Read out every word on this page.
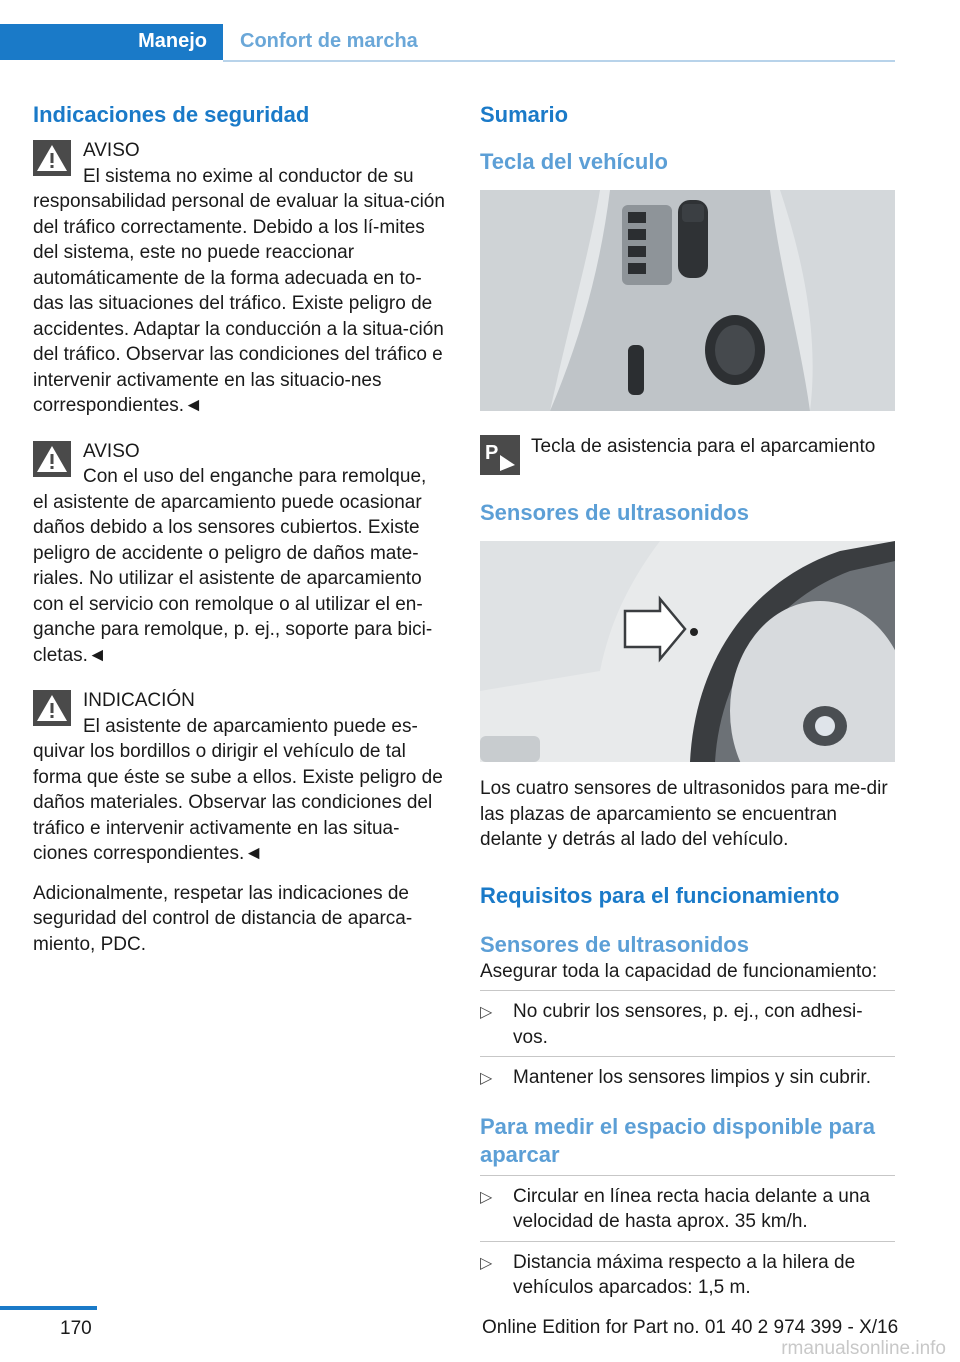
Manejo Confort de marcha
Indicaciones de seguridad
AVISO
El sistema no exime al conductor de su
responsabilidad personal de evaluar la situa-ción del tráfico correctamente. Debido a los lí-mites del sistema, este no puede reaccionar automáticamente de la forma adecuada en to-das las situaciones del tráfico. Existe peligro de accidentes. Adaptar la conducción a la situa-ción del tráfico. Observar las condiciones del tráfico e intervenir activamente en las situacio-nes correspondientes.◄
AVISO
Con el uso del enganche para remolque,
el asistente de aparcamiento puede ocasionar daños debido a los sensores cubiertos. Existe peligro de accidente o peligro de daños mate-riales. No utilizar el asistente de aparcamiento con el servicio con remolque o al utilizar el en-ganche para remolque, p. ej., soporte para bici-cletas.◄
INDICACIÓN
El asistente de aparcamiento puede es-
quivar los bordillos o dirigir el vehículo de tal forma que éste se sube a ellos. Existe peligro de daños materiales. Observar las condiciones del tráfico e intervenir activamente en las situa-ciones correspondientes.◄

Adicionalmente, respetar las indicaciones de seguridad del control de distancia de aparca-miento, PDC.

Sumario
Tecla del vehículo
P Tecla de asistencia para el aparcamiento
Sensores de ultrasonidos

Los cuatro sensores de ultrasonidos para me-dir las plazas de aparcamiento se encuentran delante y detrás al lado del vehículo.

Requisitos para el funcionamiento
Sensores de ultrasonidos

Asegurar toda la capacidad de funcionamiento:

▷ No cubrir los sensores, p. ej., con adhesi-vos.
▷ Mantener los sensores limpios y sin cubrir.
Para medir el espacio disponible para aparcar
▷ Circular en línea recta hacia delante a una velocidad de hasta aprox. 35 km/h.
▷ Distancia máxima respecto a la hilera de vehículos aparcados: 1,5 m.
170	Online Edition for Part no. 01 40 2 974 399 - X/16
rmanualsonline.info
